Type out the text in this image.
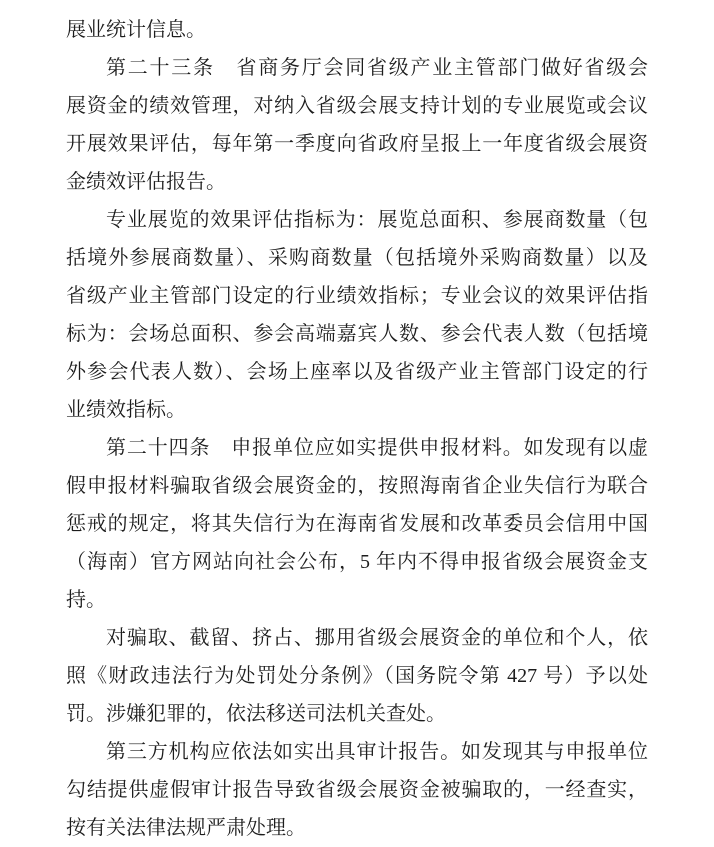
展业统计信息。
第二十三条　省商务厅会同省级产业主管部门做好省级会
展资金的绩效管理，对纳入省级会展支持计划的专业展览或会议
开展效果评估，每年第一季度向省政府呈报上一年度省级会展资
金绩效评估报告。
专业展览的效果评估指标为：展览总面积、参展商数量（包
括境外参展商数量）、采购商数量（包括境外采购商数量）以及
省级产业主管部门设定的行业绩效指标；专业会议的效果评估指
标为：会场总面积、参会高端嘉宾人数、参会代表人数（包括境
外参会代表人数）、会场上座率以及省级产业主管部门设定的行
业绩效指标。
第二十四条　申报单位应如实提供申报材料。如发现有以虚
假申报材料骗取省级会展资金的，按照海南省企业失信行为联合
惩戒的规定，将其失信行为在海南省发展和改革委员会信用中国
（海南）官方网站向社会公布，5 年内不得申报省级会展资金支
持。
对骗取、截留、挤占、挪用省级会展资金的单位和个人，依
照《财政违法行为处罚处分条例》（国务院令第 427 号）予以处
罚。涉嫌犯罪的，依法移送司法机关查处。
第三方机构应依法如实出具审计报告。如发现其与申报单位
勾结提供虚假审计报告导致省级会展资金被骗取的，一经查实，
按有关法律法规严肃处理。
